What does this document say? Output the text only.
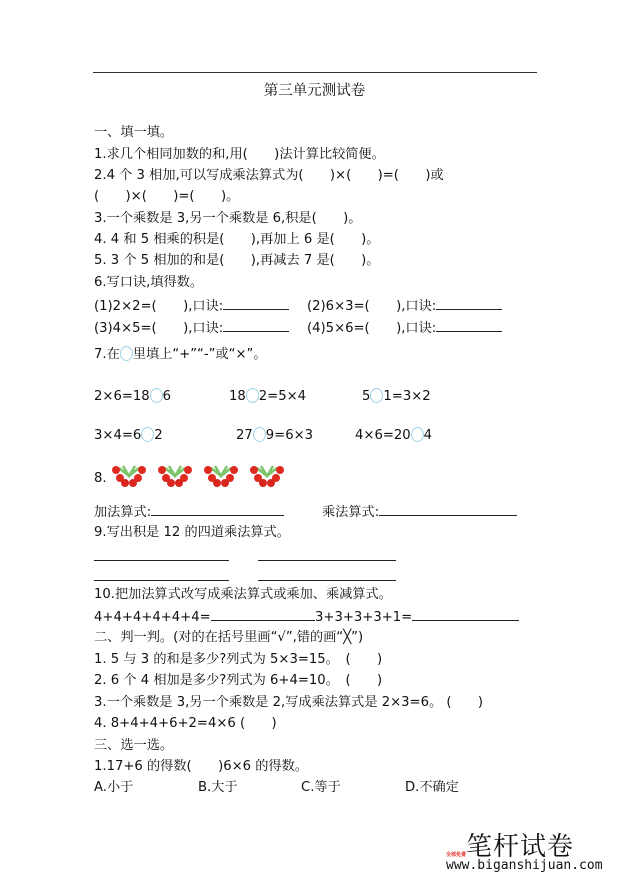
第三单元测试卷
一、填一填。
1.求几个相同加数的和,用(　　)法计算比较简便。
2.4 个 3 相加,可以写成乘法算式为(　　)×(　　)=(　　)或
(　　)×(　　)=(　　)。
3.一个乘数是 3,另一个乘数是 6,积是(　　)。
4. 4 和 5 相乘的积是(　　),再加上 6 是(　　)。
5. 3 个 5 相加的和是(　　),再减去 7 是(　　)。
6.写口诀,填得数。
(1)2×2=(　　),口诀:	(2)6×3=(　　),口诀:
(3)4×5=(　　),口诀:	(4)5×6=(　　),口诀:
7.在 里填上“+”“-”或“×”。
2×6=18 6	18 2=5×4	5 1=3×2
3×4=6 2	27 9=6×3	4×6=20 4
8.
加法算式:	乘法算式:
9.写出积是 12 的四道乘法算式。
10.把加法算式改写成乘法算式或乘加、乘减算式。
4+4+4+4+4+4=	3+3+3+3+1=
二、判一判。(对的在括号里画“√”,错的画“╳”)
1. 5 与 3 的和是多少?列式为 5×3=15。　(　　)
2. 6 个 4 相加是多少?列式为 6+4=10。　(　　)
3.一个乘数是 3,另一个乘数是 2,写成乘法算式是 2×3=6。 (　　)
4. 8+4+4+6+2=4×6 (　　)
三、选一选。
1.17+6 的得数(　　)6×6 的得数。
A.小于	B.大于	C.等于	D.不确定
笔杆试卷
全部免费
www.biganshijuan.com
